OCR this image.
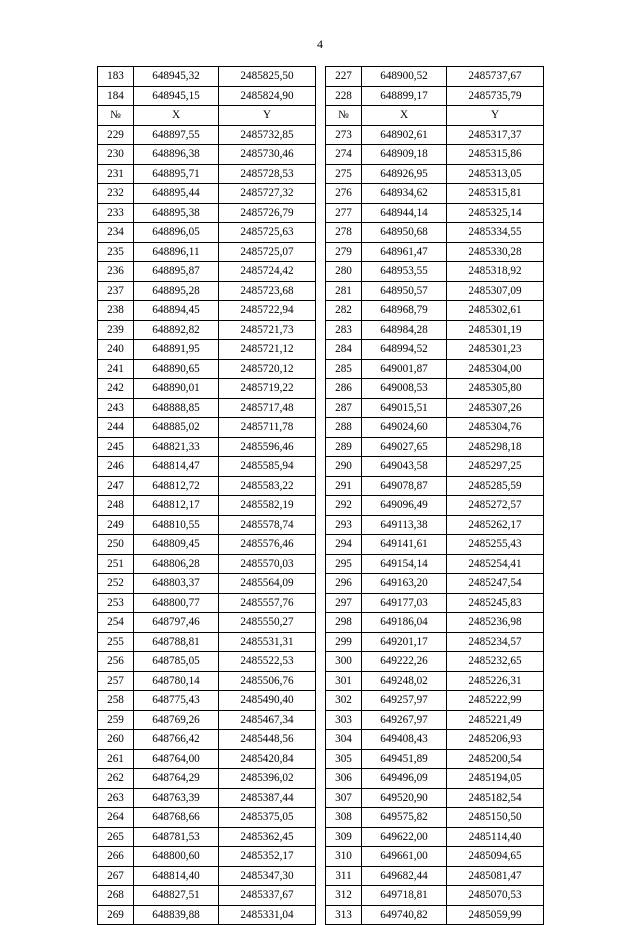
4
183	648945,32	2485825,50		227	648900,52	2485737,67
184	648945,15	2485824,90		228	648899,17	2485735,79
№	X	Y		№	X	Y
229	648897,55	2485732,85		273	648902,61	2485317,37
230	648896,38	2485730,46		274	648909,18	2485315,86
231	648895,71	2485728,53		275	648926,95	2485313,05
232	648895,44	2485727,32		276	648934,62	2485315,81
233	648895,38	2485726,79		277	648944,14	2485325,14
234	648896,05	2485725,63		278	648950,68	2485334,55
235	648896,11	2485725,07		279	648961,47	2485330,28
236	648895,87	2485724,42		280	648953,55	2485318,92
237	648895,28	2485723,68		281	648950,57	2485307,09
238	648894,45	2485722,94		282	648968,79	2485302,61
239	648892,82	2485721,73		283	648984,28	2485301,19
240	648891,95	2485721,12		284	648994,52	2485301,23
241	648890,65	2485720,12		285	649001,87	2485304,00
242	648890,01	2485719,22		286	649008,53	2485305,80
243	648888,85	2485717,48		287	649015,51	2485307,26
244	648885,02	2485711,78		288	649024,60	2485304,76
245	648821,33	2485596,46		289	649027,65	2485298,18
246	648814,47	2485585,94		290	649043,58	2485297,25
247	648812,72	2485583,22		291	649078,87	2485285,59
248	648812,17	2485582,19		292	649096,49	2485272,57
249	648810,55	2485578,74		293	649113,38	2485262,17
250	648809,45	2485576,46		294	649141,61	2485255,43
251	648806,28	2485570,03		295	649154,14	2485254,41
252	648803,37	2485564,09		296	649163,20	2485247,54
253	648800,77	2485557,76		297	649177,03	2485245,83
254	648797,46	2485550,27		298	649186,04	2485236,98
255	648788,81	2485531,31		299	649201,17	2485234,57
256	648785,05	2485522,53		300	649222,26	2485232,65
257	648780,14	2485506,76		301	649248,02	2485226,31
258	648775,43	2485490,40		302	649257,97	2485222,99
259	648769,26	2485467,34		303	649267,97	2485221,49
260	648766,42	2485448,56		304	649408,43	2485206,93
261	648764,00	2485420,84		305	649451,89	2485200,54
262	648764,29	2485396,02		306	649496,09	2485194,05
263	648763,39	2485387,44		307	649520,90	2485182,54
264	648768,66	2485375,05		308	649575,82	2485150,50
265	648781,53	2485362,45		309	649622,00	2485114,40
266	648800,60	2485352,17		310	649661,00	2485094,65
267	648814,40	2485347,30		311	649682,44	2485081,47
268	648827,51	2485337,67		312	649718,81	2485070,53
269	648839,88	2485331,04		313	649740,82	2485059,99
